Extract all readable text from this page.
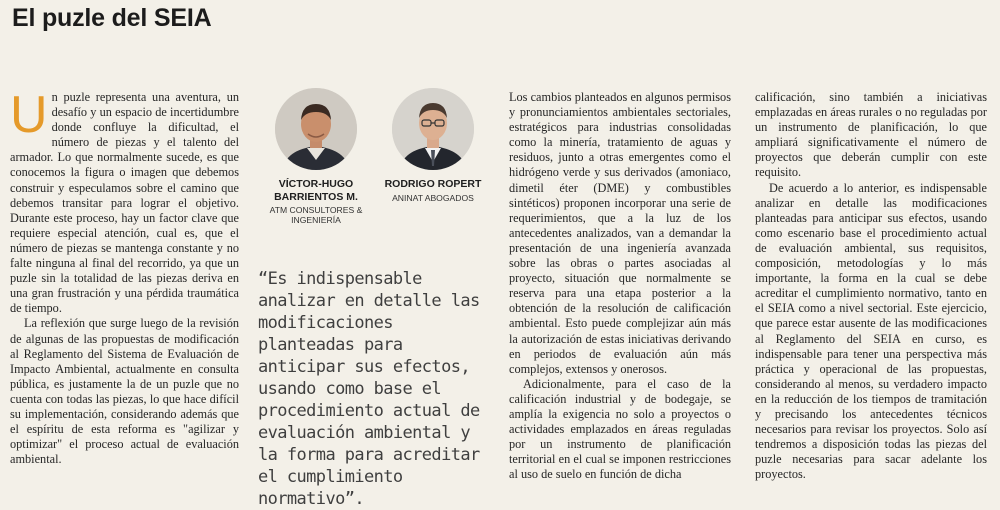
El puzle del SEIA

Un puzle representa una aventura, un desafío y un espacio de incertidumbre donde confluye la dificultad, el número de piezas y el talento del armador. Lo que normalmente sucede, es que conocemos la figura o imagen que debemos construir y especulamos sobre el camino que debemos transitar para lograr el objetivo. Durante este proceso, hay un factor clave que requiere especial atención, cual es, que el número de piezas se mantenga constante y no falte ninguna al final del recorrido, ya que un puzle sin la totalidad de las piezas deriva en una gran frustración y una pérdida traumática de tiempo.

La reflexión que surge luego de la revisión de algunas de las propuestas de modificación al Reglamento del Sistema de Evaluación de Impacto Ambiental, actualmente en consulta pública, es justamente la de un puzle que no cuenta con todas las piezas, lo que hace difícil su implementación, considerando además que el espíritu de esta reforma es "agilizar y optimizar" el proceso actual de evaluación ambiental.

VÍCTOR-HUGO BARRIENTOS M.
ATM CONSULTORES & INGENIERÍA
RODRIGO ROPERT
ANINAT ABOGADOS

“Es indispensable analizar en detalle las modificaciones planteadas para anticipar sus efectos, usando como base el procedimiento actual de evaluación ambiental y la forma para acreditar el cumplimiento normativo”.

Los cambios planteados en algunos permisos y pronunciamientos ambientales sectoriales, estratégicos para industrias consolidadas como la minería, tratamiento de aguas y residuos, junto a otras emergentes como el hidrógeno verde y sus derivados (amoniaco, dimetil éter (DME) y combustibles sintéticos) proponen incorporar una serie de requerimientos, que a la luz de los antecedentes analizados, van a demandar la presentación de una ingeniería avanzada sobre las obras o partes asociadas al proyecto, situación que normalmente se reserva para una etapa posterior a la obtención de la resolución de calificación ambiental. Esto puede complejizar aún más la autorización de estas iniciativas derivando en periodos de evaluación aún más complejos, extensos y onerosos.

Adicionalmente, para el caso de la calificación industrial y de bodegaje, se amplía la exigencia no solo a proyectos o actividades emplazados en áreas reguladas por un instrumento de planificación territorial en el cual se imponen restricciones al uso de suelo en función de dicha

calificación, sino también a iniciativas emplazadas en áreas rurales o no reguladas por un instrumento de planificación, lo que ampliará significativamente el número de proyectos que deberán cumplir con este requisito.

De acuerdo a lo anterior, es indispensable analizar en detalle las modificaciones planteadas para anticipar sus efectos, usando como escenario base el procedimiento actual de evaluación ambiental, sus requisitos, composición, metodologías y lo más importante, la forma en la cual se debe acreditar el cumplimiento normativo, tanto en el SEIA como a nivel sectorial. Este ejercicio, que parece estar ausente de las modificaciones al Reglamento del SEIA en curso, es indispensable para tener una perspectiva más práctica y operacional de las propuestas, considerando al menos, su verdadero impacto en la reducción de los tiempos de tramitación y precisando los antecedentes técnicos necesarios para revisar los proyectos. Solo así tendremos a disposición todas las piezas del puzle necesarias para sacar adelante los proyectos.
